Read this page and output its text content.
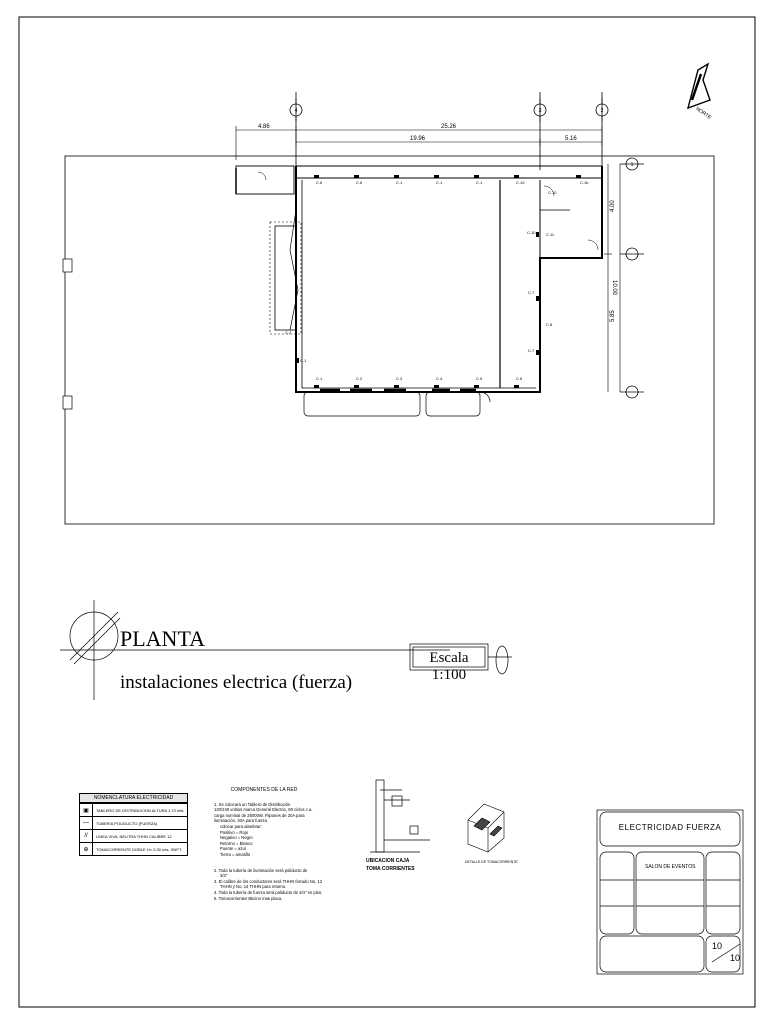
NORTE
4.86	25.26
19.96	5.16
4.00
10.00
5.85
C.6	C.6	C.1	C.1	C.1	C.10
C.10
C.1b
C.10	C.11
C.7
C.8
C.7
C.1
C.2
C.1	C.2	C.3	C.4	C.5	C.6
4	3	2
1
PLANTA
instalaciones electrica (fuerza)
Escala 1:100
NOMENCLATURA ELECTRICIDAD
▣	TABLERO DE DISTRIBUCION ALTURA 1.70 mts.
—	TUBERIA POLIDUCTO (FUERZA)
//	LINEA VIVA, NEUTRA THHN CALIBRE 12
⊕	TOMACORRIENTE DOBLE H= 0.30 mts. SNPT.
COMPONENTES DE LA RED
1. Se colocará un Tablero de Distribución
120/240 voltios marca General Electric, 60 ciclos c.a.
carga nominal de 26000W. Flipones de 20A para
iluminación, 30A para fuerza.
colocar para alambrar:
Positivo = Rojo
Negativo = Negro
Retorno = Blanco
Puente = azul
Tierra = amarillo
2. Toda la tubería de iluminación será poliducto de
3/4"
3. El calibre de los conductores será THHN forrado No. 12
THHN y No. 14 THHN para retorno.
4. Toda la tubería de fuerza será poliducto de 3/4" en piso.
5. Tomacorrientes Bticino mas placa.
UBICACION CAJA
TOMA CORRIENTES
DETALLE DE TOMACORRIENTE
ELECTRICIDAD FUERZA
SALON DE EVENTOS
10
10
